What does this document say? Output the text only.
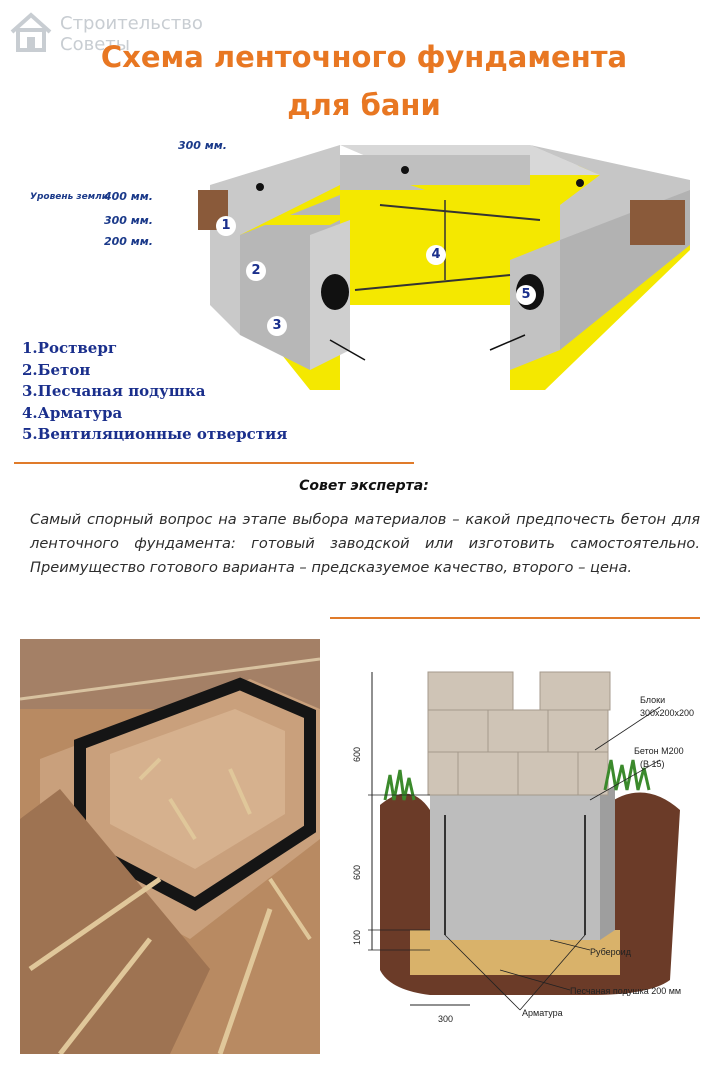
Строительство
Советы
Схема ленточного фундамента
для бани
300 мм.
Уровень земли
400 мм.
300 мм.
200 мм.
1
2
3
4
5
1.Ростверг
2.Бетон
3.Песчаная подушка
4.Арматура
5.Вентиляционные отверстия
Совет эксперта:
Самый спорный вопрос на этапе выбора материалов – какой предпочесть бетон для ленточного фундамента: готовый заводской или изготовить самостоятельно. Преимущество готового варианта – предсказуемое качество, второго – цена.
Блоки
300x200x200
Бетон М200
(В 15)
Рубероид
Песчаная подушка 200 мм
Арматура
600
600
100
300
